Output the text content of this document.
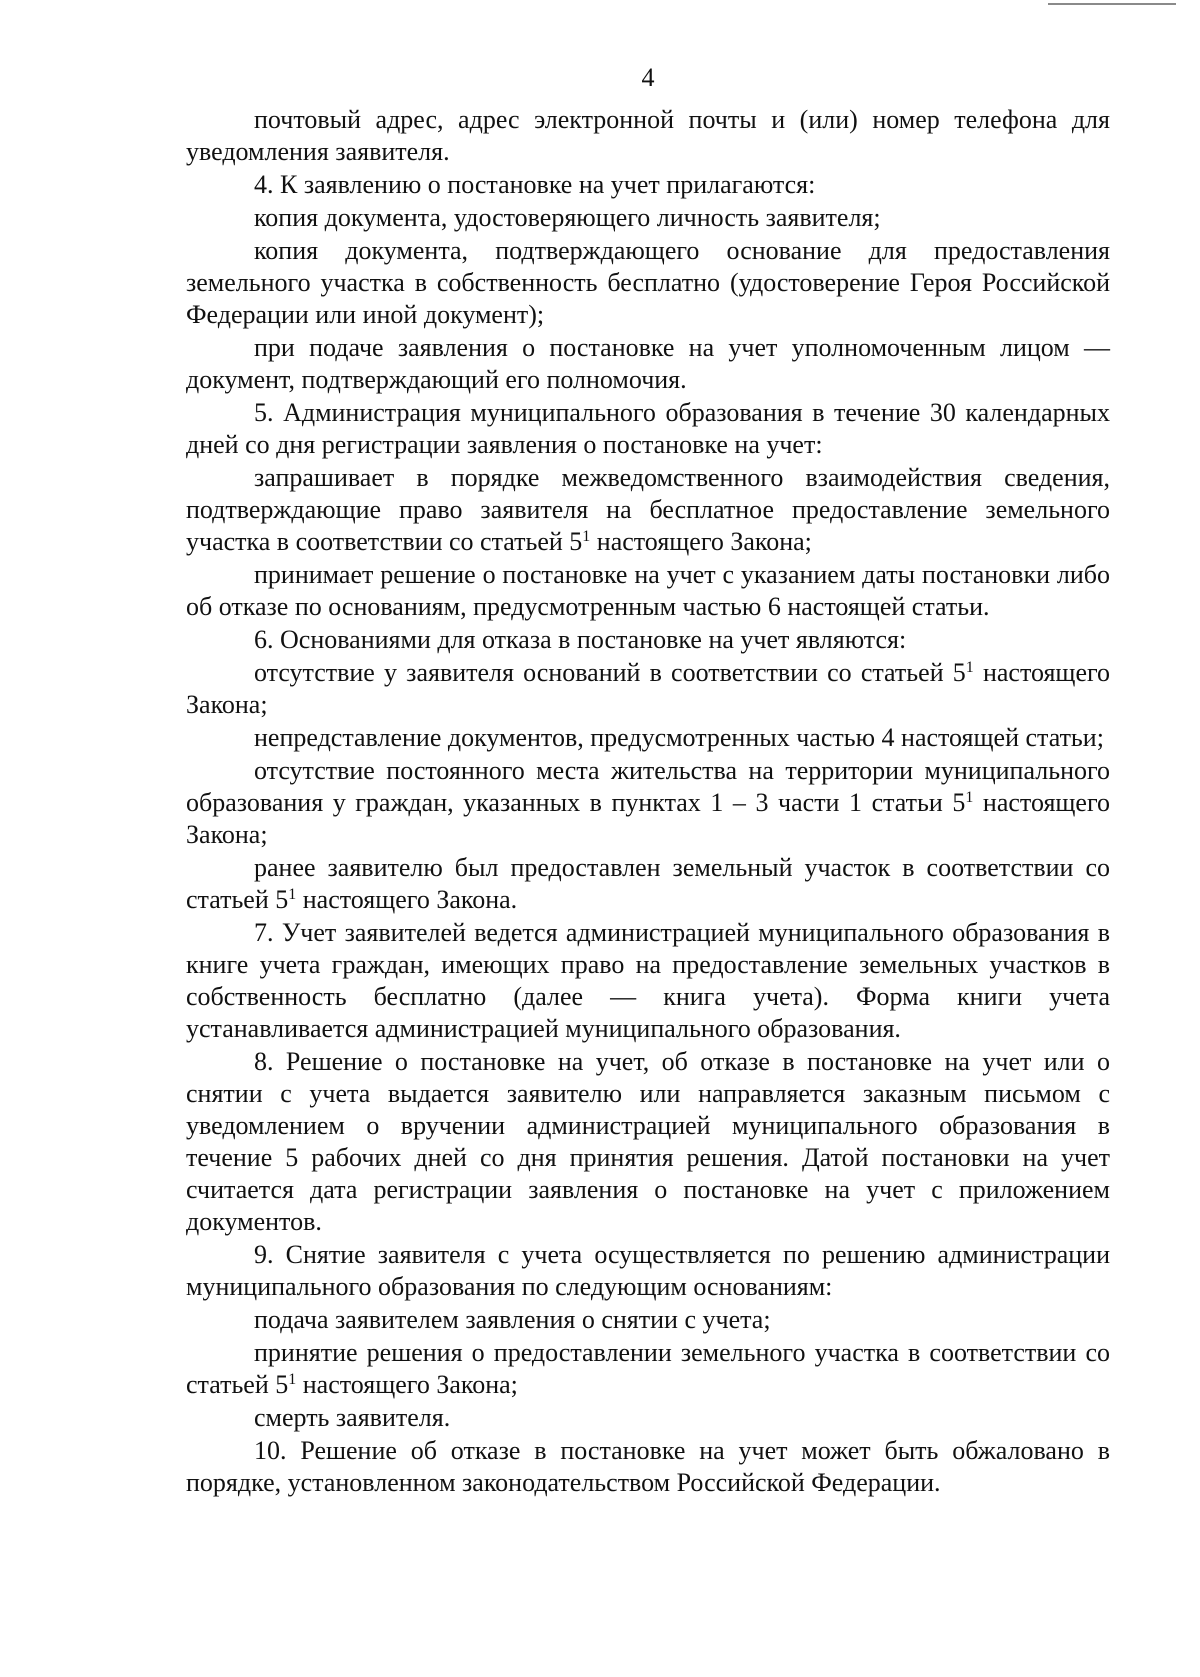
4

почтовый адрес, адрес электронной почты и (или) номер телефона для уведомления заявителя.

4. К заявлению о постановке на учет прилагаются:

копия документа, удостоверяющего личность заявителя;

копия документа, подтверждающего основание для предоставления земельного участка в собственность бесплатно (удостоверение Героя Российской Федерации или иной документ);

при подаче заявления о постановке на учет уполномоченным лицом — документ, подтверждающий его полномочия.

5. Администрация муниципального образования в течение 30 календарных дней со дня регистрации заявления о постановке на учет:

запрашивает в порядке межведомственного взаимодействия сведения, подтверждающие право заявителя на бесплатное предоставление земельного участка в соответствии со статьей $5^1$ настоящего Закона;

принимает решение о постановке на учет с указанием даты постановки либо об отказе по основаниям, предусмотренным частью 6 настоящей статьи.

6. Основаниями для отказа в постановке на учет являются:

отсутствие у заявителя оснований в соответствии со статьей $5^1$ настоящего Закона;

непредставление документов, предусмотренных частью 4 настоящей статьи;

отсутствие постоянного места жительства на территории муниципального образования у граждан, указанных в пунктах 1 – 3 части 1 статьи $5^1$ настоящего Закона;

ранее заявителю был предоставлен земельный участок в соответствии со статьей $5^1$ настоящего Закона.

7. Учет заявителей ведется администрацией муниципального образования в книге учета граждан, имеющих право на предоставление земельных участков в собственность бесплатно (далее — книга учета). Форма книги учета устанавливается администрацией муниципального образования.

8. Решение о постановке на учет, об отказе в постановке на учет или о снятии с учета выдается заявителю или направляется заказным письмом с уведомлением о вручении администрацией муниципального образования в течение 5 рабочих дней со дня принятия решения. Датой постановки на учет считается дата регистрации заявления о постановке на учет с приложением документов.

9. Снятие заявителя с учета осуществляется по решению администрации муниципального образования по следующим основаниям:

подача заявителем заявления о снятии с учета;

принятие решения о предоставлении земельного участка в соответствии со статьей $5^1$ настоящего Закона;

смерть заявителя.

10. Решение об отказе в постановке на учет может быть обжаловано в порядке, установленном законодательством Российской Федерации.
